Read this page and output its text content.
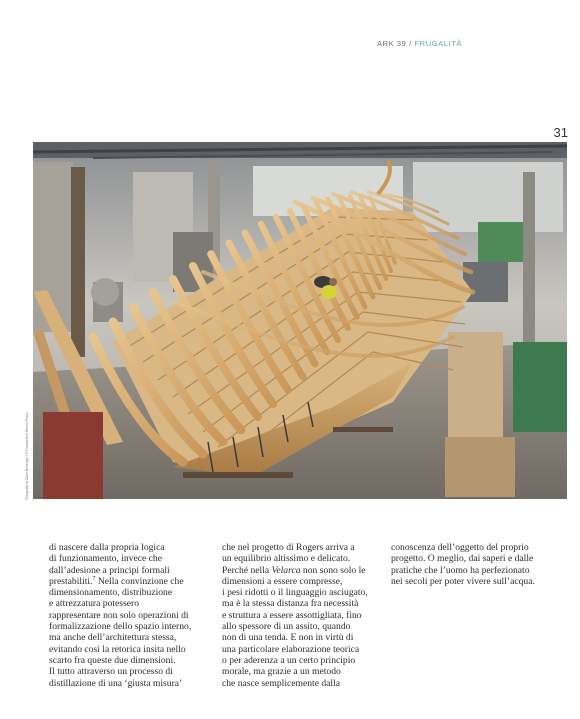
ARK 39 / FRUGALITÀ
31
Fotografia di Carlo Borlenghi / © Fondazione Renzo Piano

di nascere dalla propria logica
di funzionamento, invece che
dall’adesione a principi formali
prestabiliti.$^7$ Nella convinzione che
dimensionamento, distribuzione
e attrezzatura potessero
rappresentare non solo operazioni di
formalizzazione dello spazio interno,
ma anche dell’architettura stessa,
evitando così la retorica insita nello
scarto fra queste due dimensioni.
Il tutto attraverso un processo di
distillazione di una ‘giusta misura’

che nel progetto di Rogers arriva a
un equilibrio altissimo e delicato.
Perché nella Velarca non sono solo le
dimensioni a essere compresse,
i pesi ridotti o il linguaggio asciugato,
ma è la stessa distanza fra necessità
e struttura a essere assottigliata, fino
allo spessore di un assito, quando
non di una tenda. E non in virtù di
una particolare elaborazione teorica
o per aderenza a un certo principio
morale, ma grazie a un metodo
che nasce semplicemente dalla

conoscenza dell’oggetto del proprio
progetto. O meglio, dai saperi e dalle
pratiche che l’uomo ha perfezionato
nei secoli per poter vivere sull’acqua.
